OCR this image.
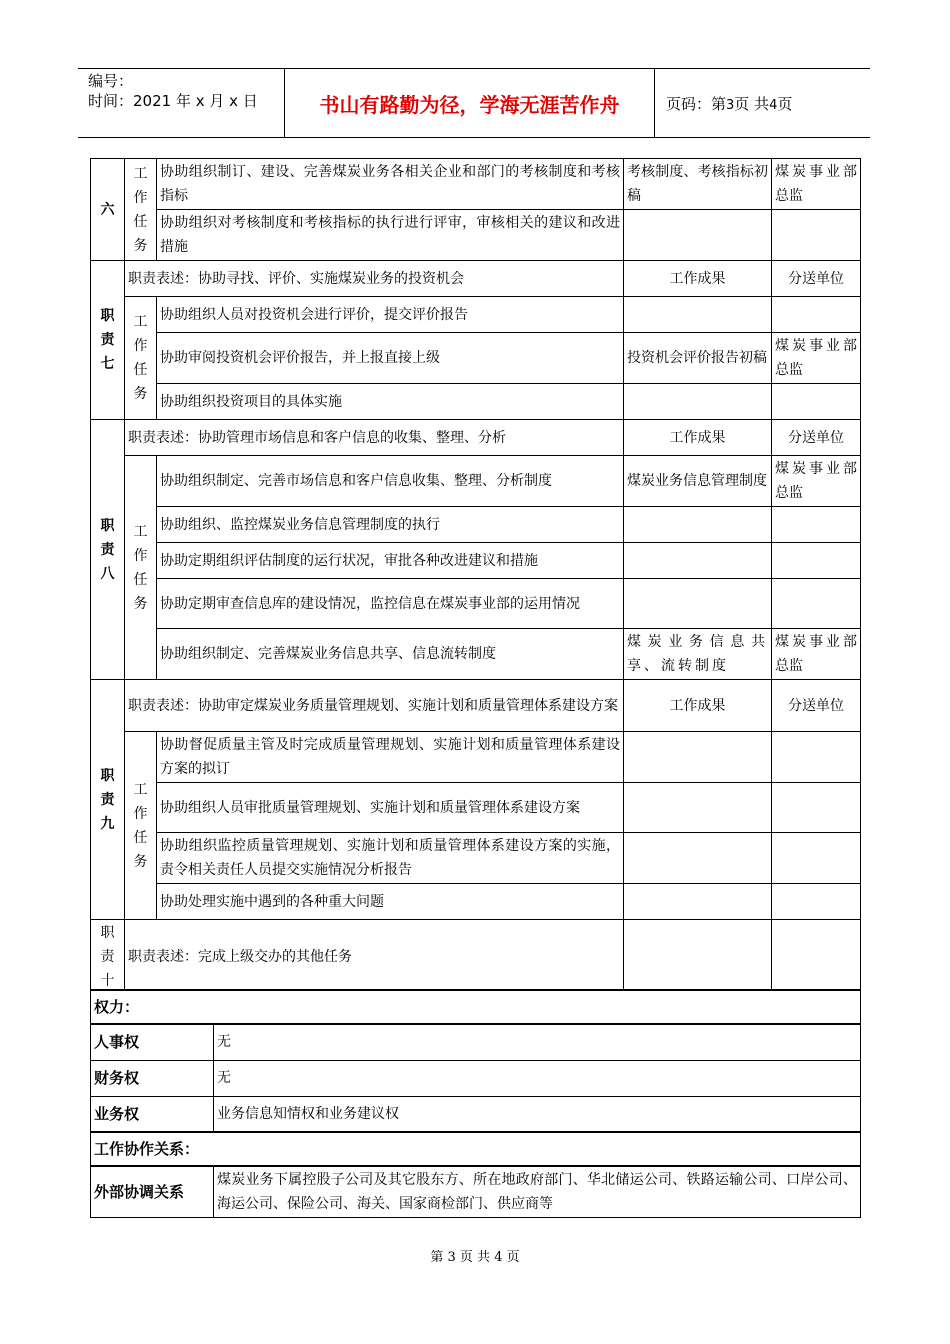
编号：
时间：2021 年 x 月 x 日	书山有路勤为径，学海无涯苦作舟	页码：第3页 共4页
六	工
作
任
务	协助组织制订、建设、完善煤炭业务各相关企业和部门的考核制度和考核指标	考核制度、考核指标初稿	煤炭事业部总监
		协助组织对考核制度和考核指标的执行进行评审，审核相关的建议和改进措施		

职
责
七	职责表述：协助寻找、评价、实施煤炭业务的投资机会		工作成果	分送单位

	工
作
任
务	协助组织人员对投资机会进行评价，提交评价报告		
		协助审阅投资机会评价报告，并上报直接上级	投资机会评价报告初稿	煤炭事业部总监
		协助组织投资项目的具体实施		

职
责
八	职责表述：协助管理市场信息和客户信息的收集、整理、分析		工作成果	分送单位

	工
作
任
务	协助组织制定、完善市场信息和客户信息收集、整理、分析制度	煤炭业务信息管理制度	煤炭事业部总监
		协助组织、监控煤炭业务信息管理制度的执行		
		协助定期组织评估制度的运行状况，审批各种改进建议和措施		
		协助定期审查信息库的建设情况，监控信息在煤炭事业部的运用情况		
		协助组织制定、完善煤炭业务信息共享、信息流转制度	煤炭业务信息共享、流转制度	煤炭事业部总监

职
责
九	职责表述：协助审定煤炭业务质量管理规划、实施计划和质量管理体系建设方案		工作成果	分送单位

	工
作
任
务	协助督促质量主管及时完成质量管理规划、实施计划和质量管理体系建设方案的拟订		
		协助组织人员审批质量管理规划、实施计划和质量管理体系建设方案		
		协助组织监控质量管理规划、实施计划和质量管理体系建设方案的实施，责令相关责任人员提交实施情况分析报告		
		协助处理实施中遇到的各种重大问题		

职
责
十	职责表述：完成上级交办的其他任务			
权力：	
人事权	无
财务权	无
业务权	业务信息知情权和业务建议权
工作协作关系：	
外部协调关系	煤炭业务下属控股子公司及其它股东方、所在地政府部门、华北储运公司、铁路运输公司、口岸公司、海运公司、保险公司、海关、国家商检部门、供应商等
第 3 页 共 4 页
